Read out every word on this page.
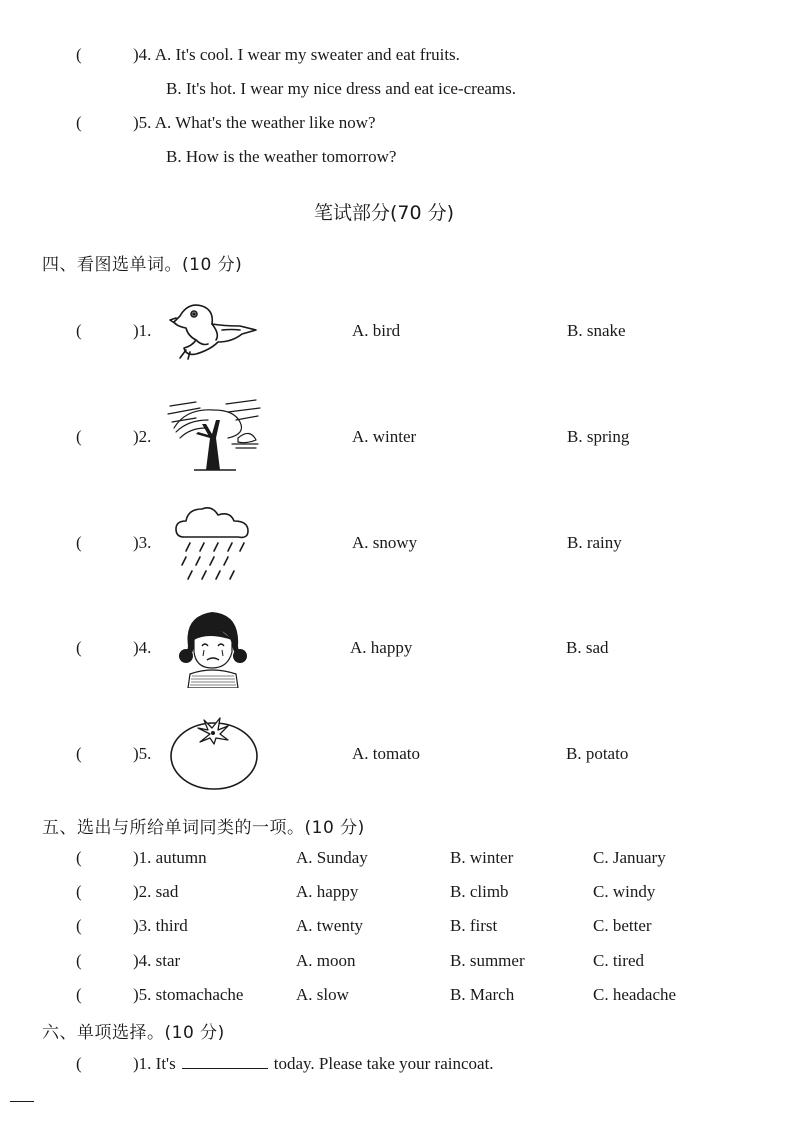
(	)4. A. It's cool. I wear my sweater and eat fruits.
B. It's hot. I wear my nice dress and eat ice-creams.
(	)5. A. What's the weather like now?
B. How is the weather tomorrow?
笔试部分(70 分)
四、看图选单词。(10 分)
(	)1.	A. bird	B. snake
(	)2.	A. winter	B. spring
(	)3.	A. snowy	B. rainy
(	)4.	A. happy	B. sad
(	)5.	A. tomato	B. potato
五、选出与所给单词同类的一项。(10 分)
(	)1. autumn	A. Sunday	B. winter	C. January
(	)2. sad	A. happy	B. climb	C. windy
(	)3. third	A. twenty	B. first	C. better
(	)4. star	A. moon	B. summer	C. tired
(	)5. stomachache	A. slow	B. March	C. headache
六、单项选择。(10 分)
(	)1. It's	today. Please take your raincoat.
